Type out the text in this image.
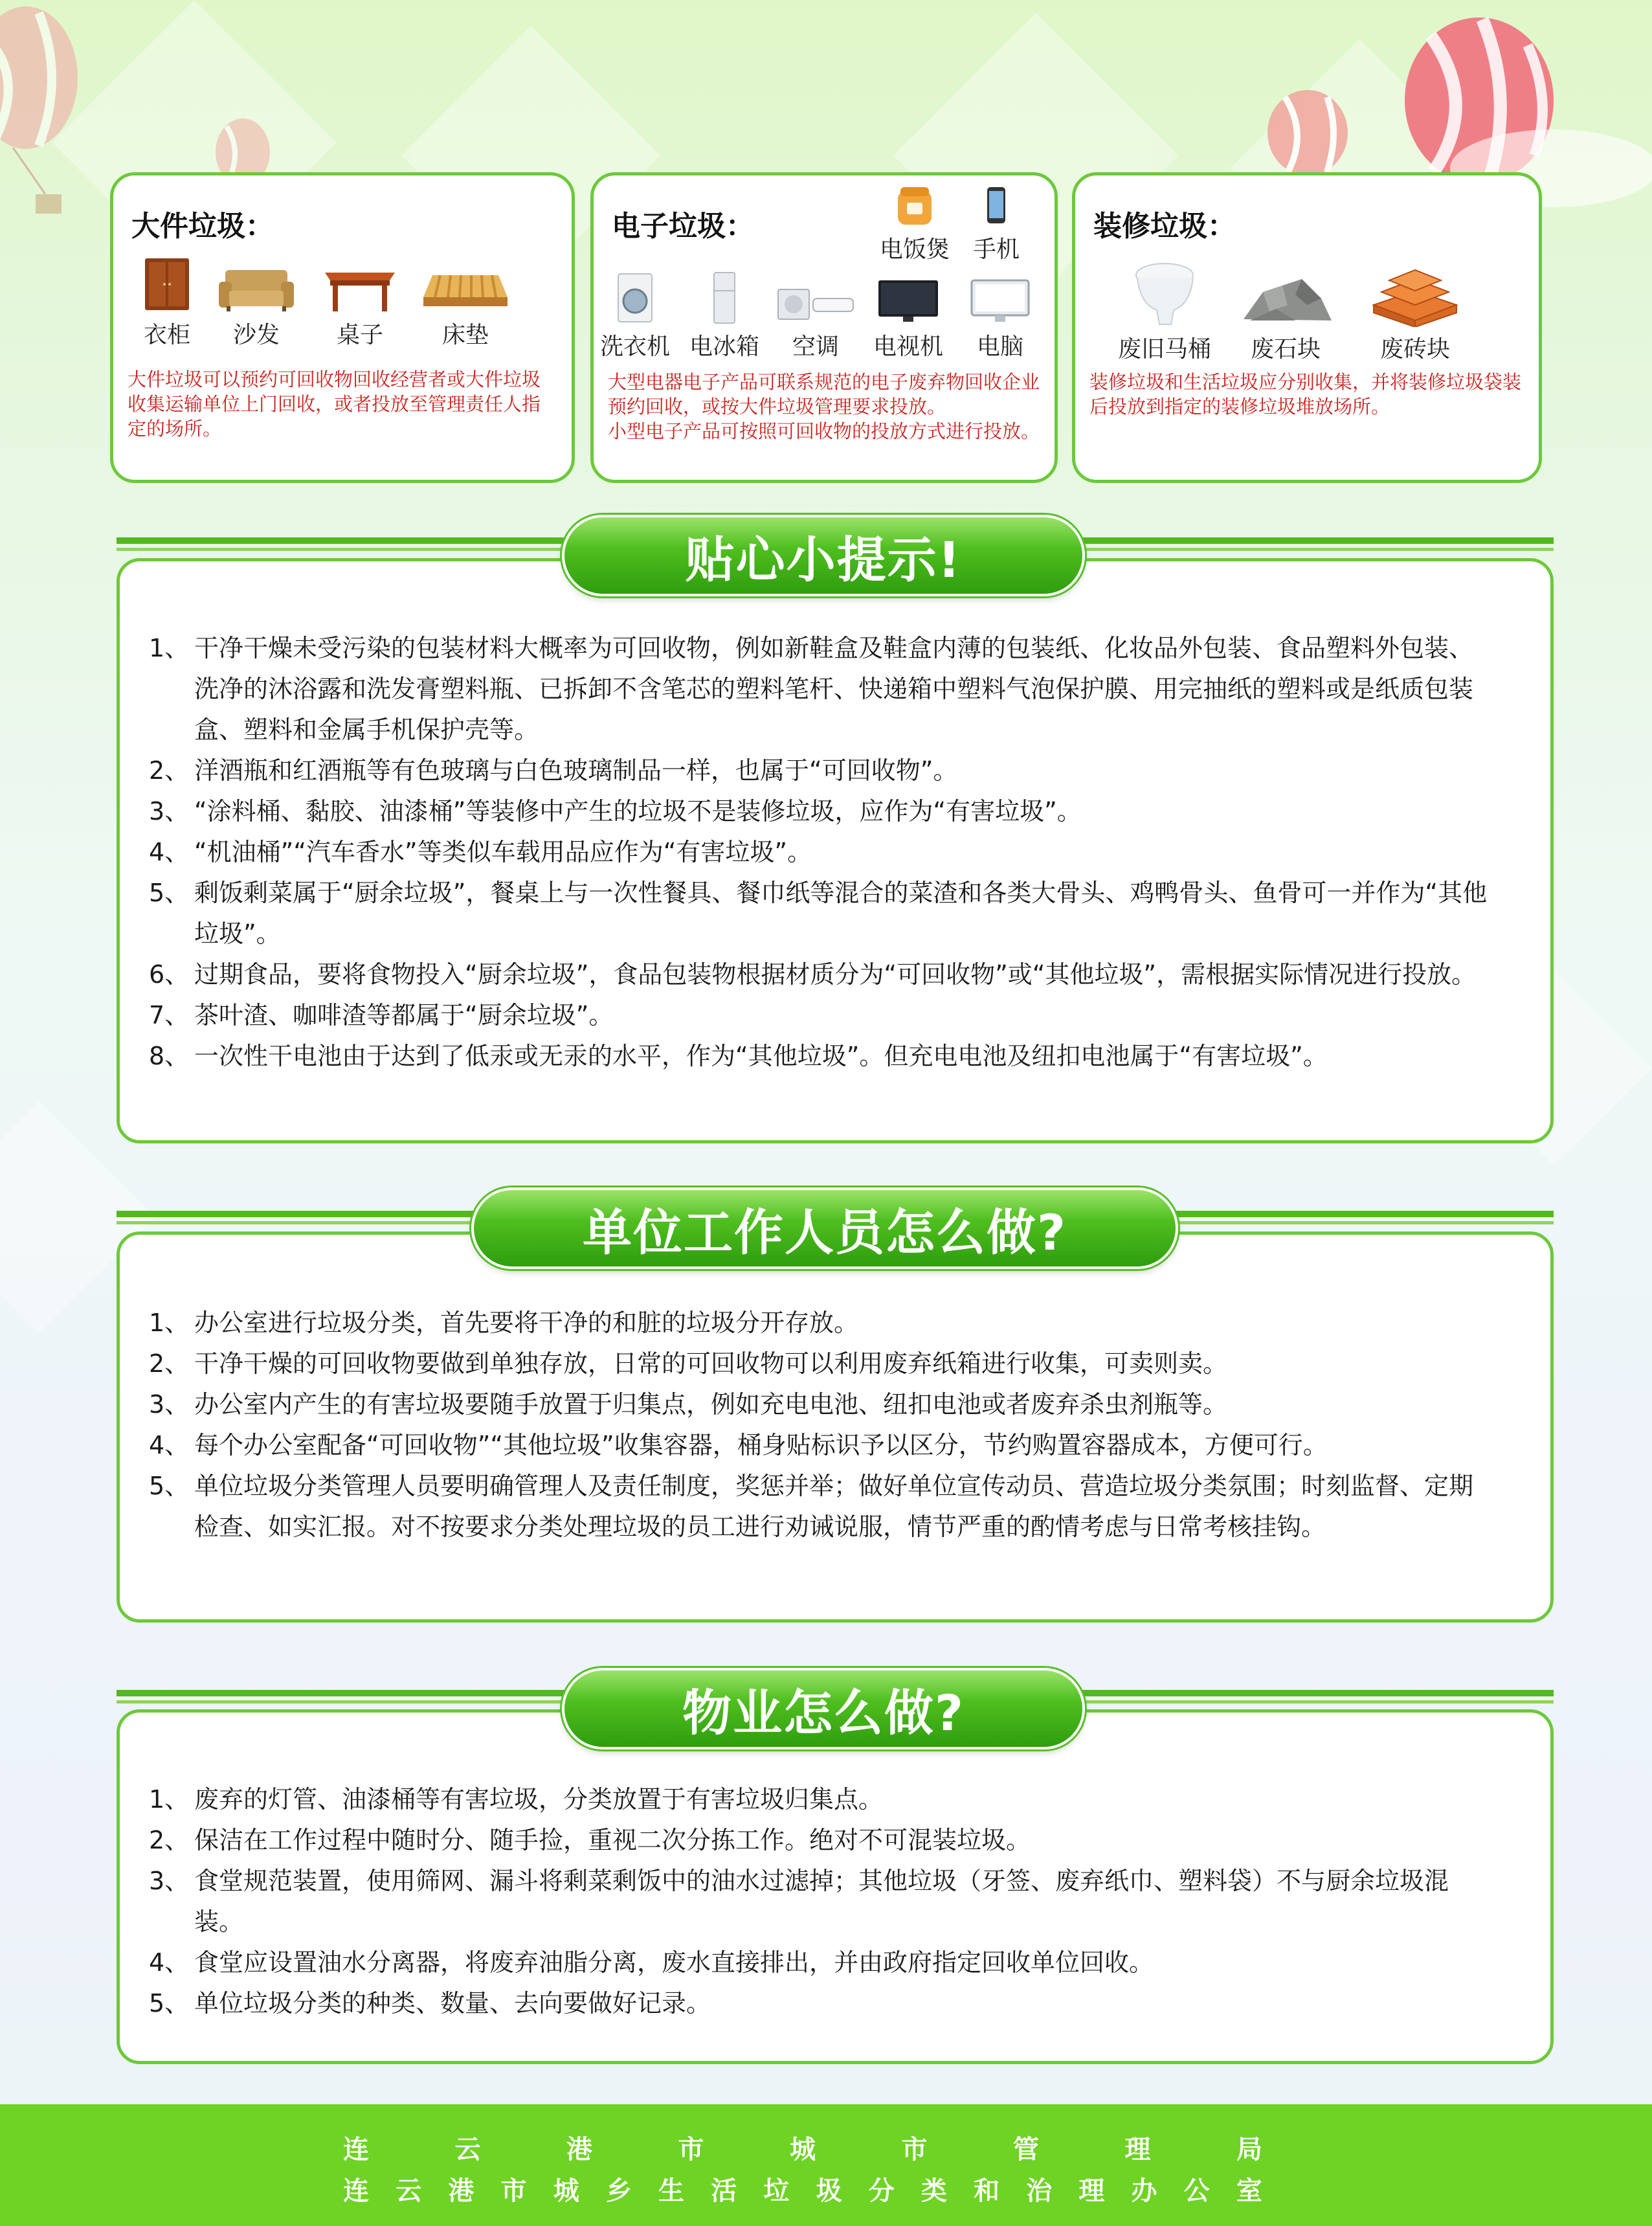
大件垃圾：
衣柜	沙发	桌子	床垫
大件垃圾可以预约可回收物回收经营者或大件垃圾收集运输单位上门回收，或者投放至管理责任人指定的场所。
电子垃圾：
电饭煲 手机
洗衣机 电冰箱	空调	电视机	电脑
大型电器电子产品可联系规范的电子废弃物回收企业预约回收，或按大件垃圾管理要求投放。
小型电子产品可按照可回收物的投放方式进行投放。
装修垃圾：
废旧马桶	废石块	废砖块
装修垃圾和生活垃圾应分别收集，并将装修垃圾袋装后投放到指定的装修垃圾堆放场所。
贴心小提示!
1、 干净干燥未受污染的包装材料大概率为可回收物，例如新鞋盒及鞋盒内薄的包装纸、化妆品外包装、食品塑料外包装、洗净的沐浴露和洗发膏塑料瓶、已拆卸不含笔芯的塑料笔杆、快递箱中塑料气泡保护膜、用完抽纸的塑料或是纸质包装盒、塑料和金属手机保护壳等。
2、 洋酒瓶和红酒瓶等有色玻璃与白色玻璃制品一样，也属于“可回收物”。
3、 “涂料桶、黏胶、油漆桶”等装修中产生的垃圾不是装修垃圾，应作为“有害垃圾”。
4、 “机油桶”“汽车香水”等类似车载用品应作为“有害垃圾”。
5、 剩饭剩菜属于“厨余垃圾”，餐桌上与一次性餐具、餐巾纸等混合的菜渣和各类大骨头、鸡鸭骨头、鱼骨可一并作为“其他垃圾”。
6、 过期食品，要将食物投入“厨余垃圾”，食品包装物根据材质分为“可回收物”或“其他垃圾”，需根据实际情况进行投放。
7、 茶叶渣、咖啡渣等都属于“厨余垃圾”。
8、 一次性干电池由于达到了低汞或无汞的水平，作为“其他垃圾”。但充电电池及纽扣电池属于“有害垃圾”。
单位工作人员怎么做?
1、 办公室进行垃圾分类，首先要将干净的和脏的垃圾分开存放。
2、 干净干燥的可回收物要做到单独存放，日常的可回收物可以利用废弃纸箱进行收集，可卖则卖。
3、 办公室内产生的有害垃圾要随手放置于归集点，例如充电电池、纽扣电池或者废弃杀虫剂瓶等。
4、 每个办公室配备“可回收物”“其他垃圾”收集容器，桶身贴标识予以区分，节约购置容器成本，方便可行。
5、 单位垃圾分类管理人员要明确管理人及责任制度，奖惩并举；做好单位宣传动员、营造垃圾分类氛围；时刻监督、定期检查、如实汇报。对不按要求分类处理垃圾的员工进行劝诫说服，情节严重的酌情考虑与日常考核挂钩。
物业怎么做?
1、 废弃的灯管、油漆桶等有害垃圾，分类放置于有害垃圾归集点。
2、 保洁在工作过程中随时分、随手捡，重视二次分拣工作。绝对不可混装垃圾。
3、 食堂规范装置，使用筛网、漏斗将剩菜剩饭中的油水过滤掉；其他垃圾（牙签、废弃纸巾、塑料袋）不与厨余垃圾混装。
4、 食堂应设置油水分离器，将废弃油脂分离，废水直接排出，并由政府指定回收单位回收。
5、 单位垃圾分类的种类、数量、去向要做好记录。
连	云	港	市	城	市	管	理	局
连 云 港 市 城 乡 生 活 垃 圾 分 类 和 治 理 办 公 室
